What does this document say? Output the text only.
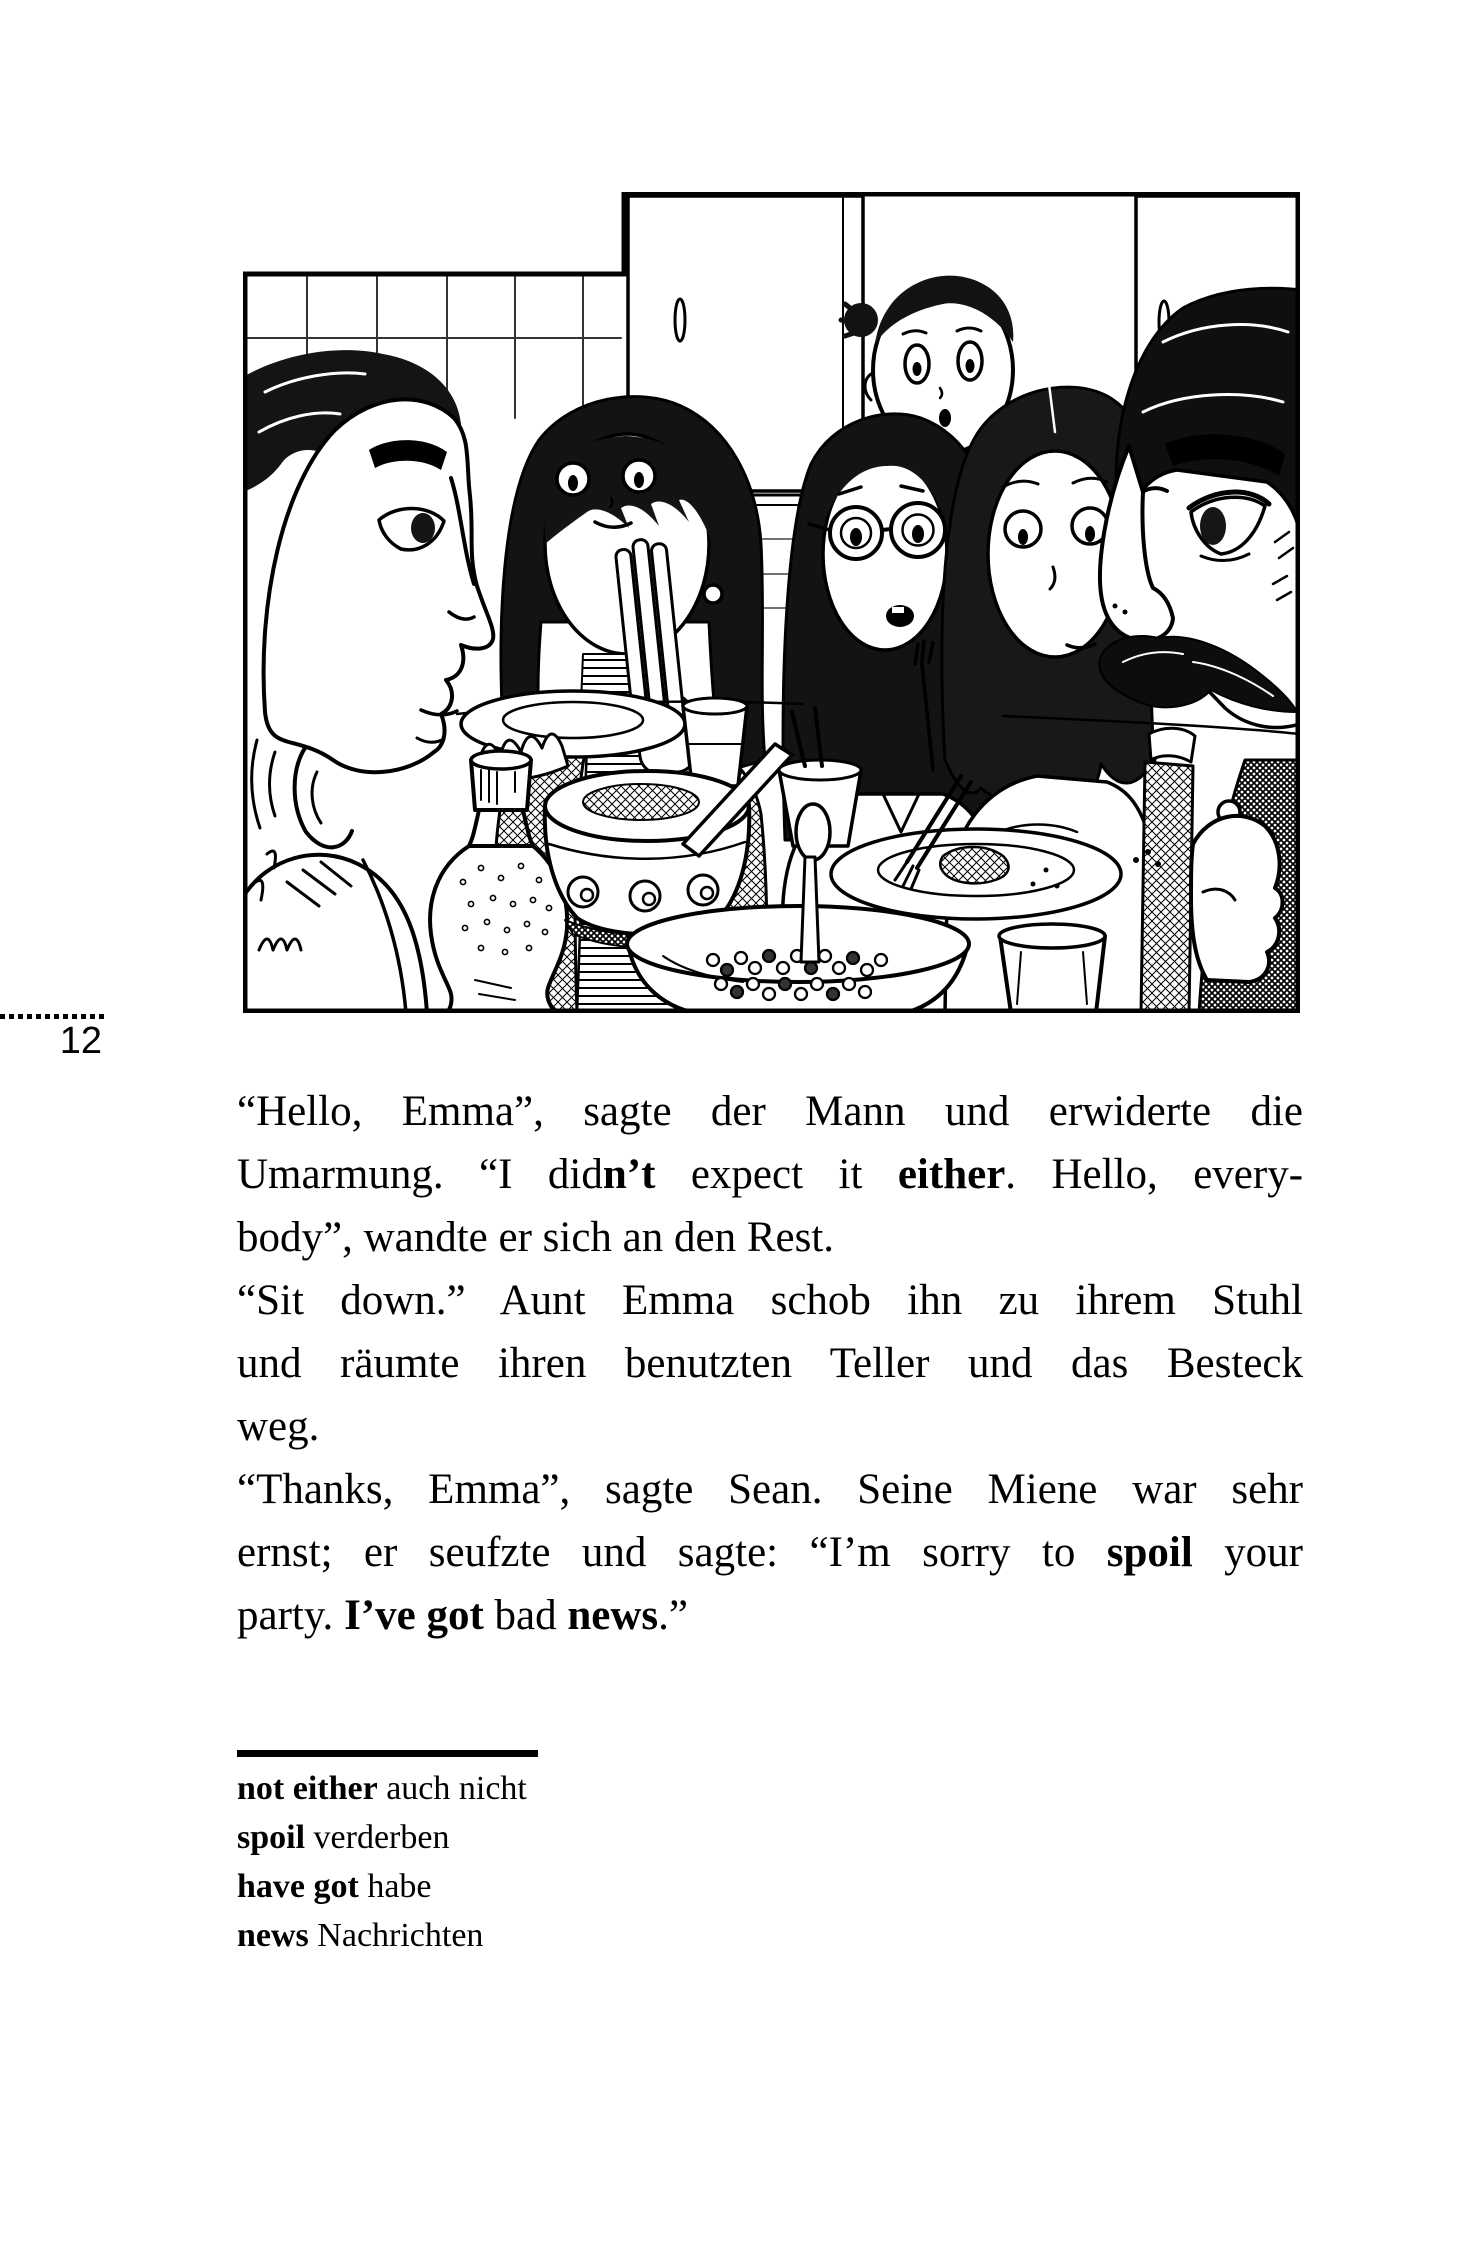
12
“Hello, Emma”, sagte der Mann und erwiderte die
Umarmung. “I didn’t expect it either. Hello, every-
body”, wandte er sich an den Rest.
“Sit down.” Aunt Emma schob ihn zu ihrem Stuhl
und räumte ihren benutzten Teller und das Besteck
weg.
“Thanks, Emma”, sagte Sean. Seine Miene war sehr
ernst; er seufzte und sagte: “I’m sorry to spoil your
party. I’ve got bad news.”
not either auch nicht
spoil verderben
have got habe
news Nachrichten
